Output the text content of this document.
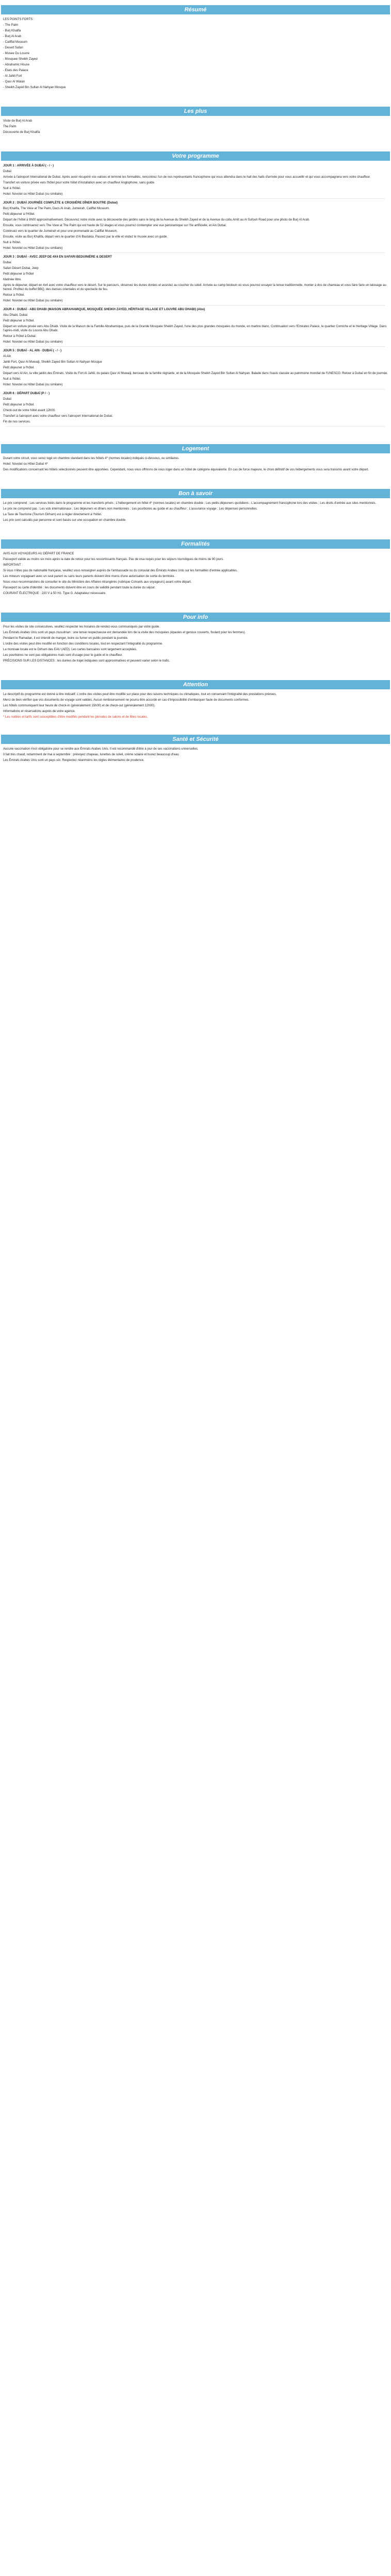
Résumé

LES POINTS FORTS :

- The Palm

- Burj Khalifa

- Burj Al Arab

- Califfat Museum

- Desert Safari

- Musee Du Louvre

- Mosquee Sheikh Zayed

- Abrahamic House

- Etats des Palace

- Al Jahili Fort

- Qasr Al Watan

- Sheikh Zayed Bin Sultan Al Nahyan Mosque

Les plus

Visite de Burj Al Arab

The Palm

Découverte de Burj Khalifa

Votre programme

JOUR 1 : ARRIVÉE À DUBAÏ ( - / - )

Dubaï

Arrivée à l'aéroport International de Dubaï. Après avoir récupéré vos valises et terminé les formalités, rencontrez l'un de nos représentants francophone qui vous attendra dans le hall des halls d'arrivée pour vous accueillir et qui vous accompagnera vers votre chauffeur.

Transfert en voiture privée vers l'hôtel pour votre hôtel d'installation avec un chauffeur Anglophone, sans guide.

Nuit à l'hôtel.

Hotel: Novotel ou Hôtel Dubaï (ou similaire)

JOUR 2 : DUBAÏ JOURNÉE COMPLÈTE & CROISIÈRE DÎNER BOUTRE (Dubai)

Burj Khalifa, The View at The Palm, Dacs Al Arab, Jumeirah, Califfat Museum.

Petit déjeuner à l'Hôtel.

Départ de l'hôtel à 9h00 approximativement. Découvrez notre visite avec la découverte des jardins sans le long de la Avenue du Sheikh Zayed et de la Avenue du collu.Arrêt au Al Sufouh Road pour une photo de Burj Al Arab.

Ensuite, vous continuerez vers The View at The Palm qui est haute de 52 étages et vous pourrez contempler une vue panoramique sur l'île artificielle, et Ain Dubaï.

Continuez vers le quartier de Jumeirah et pour une promenade au Califfat Museum.

Ensuite, visite au Burj Khalifa, départ vers le quartier d'Al Bastakia. Passez par la ville et visitez le musée avec un guide.

Nuit à l'hôtel.

Hotel: Novotel ou Hôtel Dubaï (ou similaire)

JOUR 3 : DUBAÏ - AVEC JEEP DE 4X4 EN SAFARI BEDUINIÈRE & DESERT

Dubai

Safari Désert Dubai, Jeep

Petit déjeuner à l'hôtel

Matinée libre.

Après le déjeuner, départ en 4x4 avec votre chauffeur vers le désert. Sur le parcours, observez les dunes dorées et assistez au coucher du soleil. Arrivée au camp bédouin où vous pourrez essayer la tenue traditionnelle, monter à dos de chameau et vous faire faire un tatouage au henné. Profitez du buffet BBQ, des danses orientales et du spectacle de feu.

Retour à l'hôtel.

Hotel: Novotel ou Hôtel Dubaï (ou similaire)

JOUR 4 : DUBAÏ - ABU DHABI (MAISON ABRAHAMIQUE, MOSQUÉE SHEIKH ZAYED, HÉRITAGE VILLAGE ET LOUVRE ABU DHABI) (Abu)

Abu Dhabi, Dubai

Petit déjeuner à l'hôtel.

Départ en voiture privée vers Abu Dhabi. Visite de la Maison de la Famille Abrahamique, puis de la Grande Mosquée Sheikh Zayed, l'une des plus grandes mosquées du monde, en marbre blanc. Continuation vers l'Emirates Palace, le quartier Corniche et le Heritage Village. Dans l'après-midi, visite du Louvre Abu Dhabi.

Retour à l'hôtel à Dubaï.

Hotel: Novotel ou Hôtel Dubaï (ou similaire)

JOUR 5 : DUBAÏ - AL AIN - DUBAÏ ( - / - )

Al Ain

Jahili Fort, Qasr Al Muwaiji, Sheikh Zayed Bin Sultan Al Nahyan Mosque

Petit déjeuner à l'hôtel.

Départ vers Al Ain, la ville jardin des Émirats. Visite du Fort Al Jahili, du palais Qasr Al Muwaiji, berceau de la famille régnante, et de la Mosquée Sheikh Zayed Bin Sultan Al Nahyan. Balade dans l'oasis classée au patrimoine mondial de l'UNESCO. Retour à Dubaï en fin de journée.

Nuit à l'hôtel.

Hotel: Novotel ou Hôtel Dubaï (ou similaire)

JOUR 6 : DÉPART DUBAÏ (P / - )

Dubaï

Petit déjeuner à l'hôtel.

Check-out de votre hôtel avant 12h00.

Transfert à l'aéroport avec votre chauffeur vers l'aéroport International de Dubaï.

Fin de nos services.

Logement

Durant votre circuit, vous serez logé en chambre standard dans les hôtels 4* (normes locales) indiqués ci-dessous, ou similaires.

Hotel: Novotel ou Hôtel Dubaï 4*

Des modifications concernant les hôtels sélectionnés peuvent être apportées. Cependant, nous vous offrirons de vous loger dans un hôtel de catégorie équivalente. En cas de force majeure, le choix définitif de vos hébergements vous sera transmis avant votre départ.

Bon à savoir

Le prix comprend : Les services listés dans le programme et les transferts privés ; L'hébergement en hôtel 4* (normes locales) en chambre double ; Les petits-déjeuners quotidiens ; L'accompagnement francophone lors des visites ; Les droits d'entrée aux sites mentionnés.

Le prix ne comprend pas : Les vols internationaux ; Les déjeuners et dîners non mentionnés ; Les pourboires au guide et au chauffeur ; L'assurance voyage ; Les dépenses personnelles.

La Taxe de Tourisme (Tourism Dirham) est à régler directement à l'hôtel.

Les prix sont calculés par personne et sont basés sur une occupation en chambre double.

Formalités

AVIS AUX VOYAGEURS AU DÉPART DE FRANCE

Passeport valide au moins six mois après la date de retour pour les ressortissants français. Pas de visa requis pour les séjours touristiques de moins de 90 jours.

IMPORTANT :

Si vous n'êtes pas de nationalité française, veuillez vous renseigner auprès de l'ambassade ou du consulat des Émirats Arabes Unis sur les formalités d'entrée applicables.

Les mineurs voyageant avec un seul parent ou sans leurs parents doivent être munis d'une autorisation de sortie du territoire.

Nous vous recommandons de consulter le site du Ministère des Affaires étrangères (rubrique Conseils aux voyageurs) avant votre départ.

Passeport ou carte d'identité : les documents doivent être en cours de validité pendant toute la durée du séjour.

COURANT ÉLECTRIQUE : 220 V à 50 Hz. Type G. Adaptateur nécessaire.

Pour info

Pour les visites de site consécutives, veuillez respecter les horaires de rendez-vous communiqués par votre guide.

Les Émirats Arabes Unis sont un pays musulman : une tenue respectueuse est demandée lors de la visite des mosquées (épaules et genoux couverts, foulard pour les femmes).

Pendant le Ramadan, il est interdit de manger, boire ou fumer en public pendant la journée.

L'ordre des visites peut être modifié en fonction des conditions locales, tout en respectant l'intégralité du programme.

La monnaie locale est le Dirham des EAU (AED). Les cartes bancaires sont largement acceptées.

Les pourboires ne sont pas obligatoires mais sont d'usage pour le guide et le chauffeur.

PRÉCISIONS SUR LES DISTANCES : les durées de trajet indiquées sont approximatives et peuvent varier selon le trafic.

Attention

Le descriptif du programme est donné à titre indicatif. L'ordre des visites peut être modifié sur place pour des raisons techniques ou climatiques, tout en conservant l'intégralité des prestations prévues.

Merci de bien vérifier que vos documents de voyage sont valides. Aucun remboursement ne pourra être accordé en cas d'impossibilité d'embarquer faute de documents conformes.

Les hôtels communiquent leur heure de check-in (généralement 15h00) et de check-out (généralement 12h00).

Informations et réservations auprès de votre agence.

* Les nuitées et tarifs sont susceptibles d'être modifiés pendant les périodes de salons et de fêtes locales.
Santé et Sécurité

Aucune vaccination n'est obligatoire pour se rendre aux Émirats Arabes Unis. Il est recommandé d'être à jour de ses vaccinations universelles.

Il fait très chaud, notamment de mai à septembre : prévoyez chapeau, lunettes de soleil, crème solaire et buvez beaucoup d'eau.

Les Émirats Arabes Unis sont un pays sûr. Respectez néanmoins les règles élémentaires de prudence.
